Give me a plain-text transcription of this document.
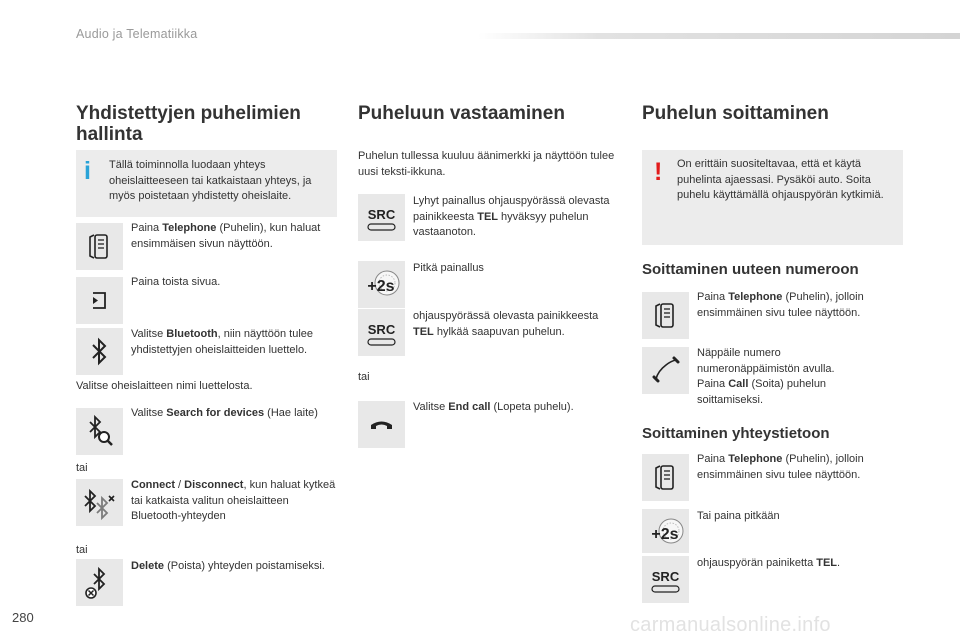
Audio ja Telematiikka
Yhdistettyjen puhelimien hallinta
i Tällä toiminnolla luodaan yhteys oheislaitteeseen tai katkaistaan yhteys, ja myös poistetaan yhdistetty oheislaite.
Paina Telephone (Puhelin), kun haluat ensimmäisen sivun näyttöön.
Paina toista sivua.
Valitse Bluetooth, niin näyttöön tulee yhdistettyjen oheislaitteiden luettelo.
Valitse oheislaitteen nimi luettelosta.
Valitse Search for devices (Hae laite)
tai
Connect / Disconnect, kun haluat kytkeä tai katkaista valitun oheislaitteen Bluetooth-yhteyden
tai
Delete (Poista) yhteyden poistamiseksi.
Puheluun vastaaminen
Puhelun tullessa kuuluu äänimerkki ja näyttöön tulee uusi teksti-ikkuna.
SRC
Lyhyt painallus ohjauspyörässä olevasta painikkeesta TEL hyväksyy puhelun vastaanoton.
+2s
Pitkä painallus
SRC
ohjauspyörässä olevasta painikkeesta TEL hylkää saapuvan puhelun.
tai
Valitse End call (Lopeta puhelu).
Puhelun soittaminen
! On erittäin suositeltavaa, että et käytä puhelinta ajaessasi. Pysäköi auto. Soita puhelu käyttämällä ohjauspyörän kytkimiä.
Soittaminen uuteen numeroon
Paina Telephone (Puhelin), jolloin ensimmäinen sivu tulee näyttöön.
Näppäile numero numeronäppäimistön avulla.
Paina Call (Soita) puhelun soittamiseksi.
Soittaminen yhteystietoon
Paina Telephone (Puhelin), jolloin ensimmäinen sivu tulee näyttöön.
+2s
Tai paina pitkään
SRC
ohjauspyörän painiketta TEL.
280	carmanualsonline.info
